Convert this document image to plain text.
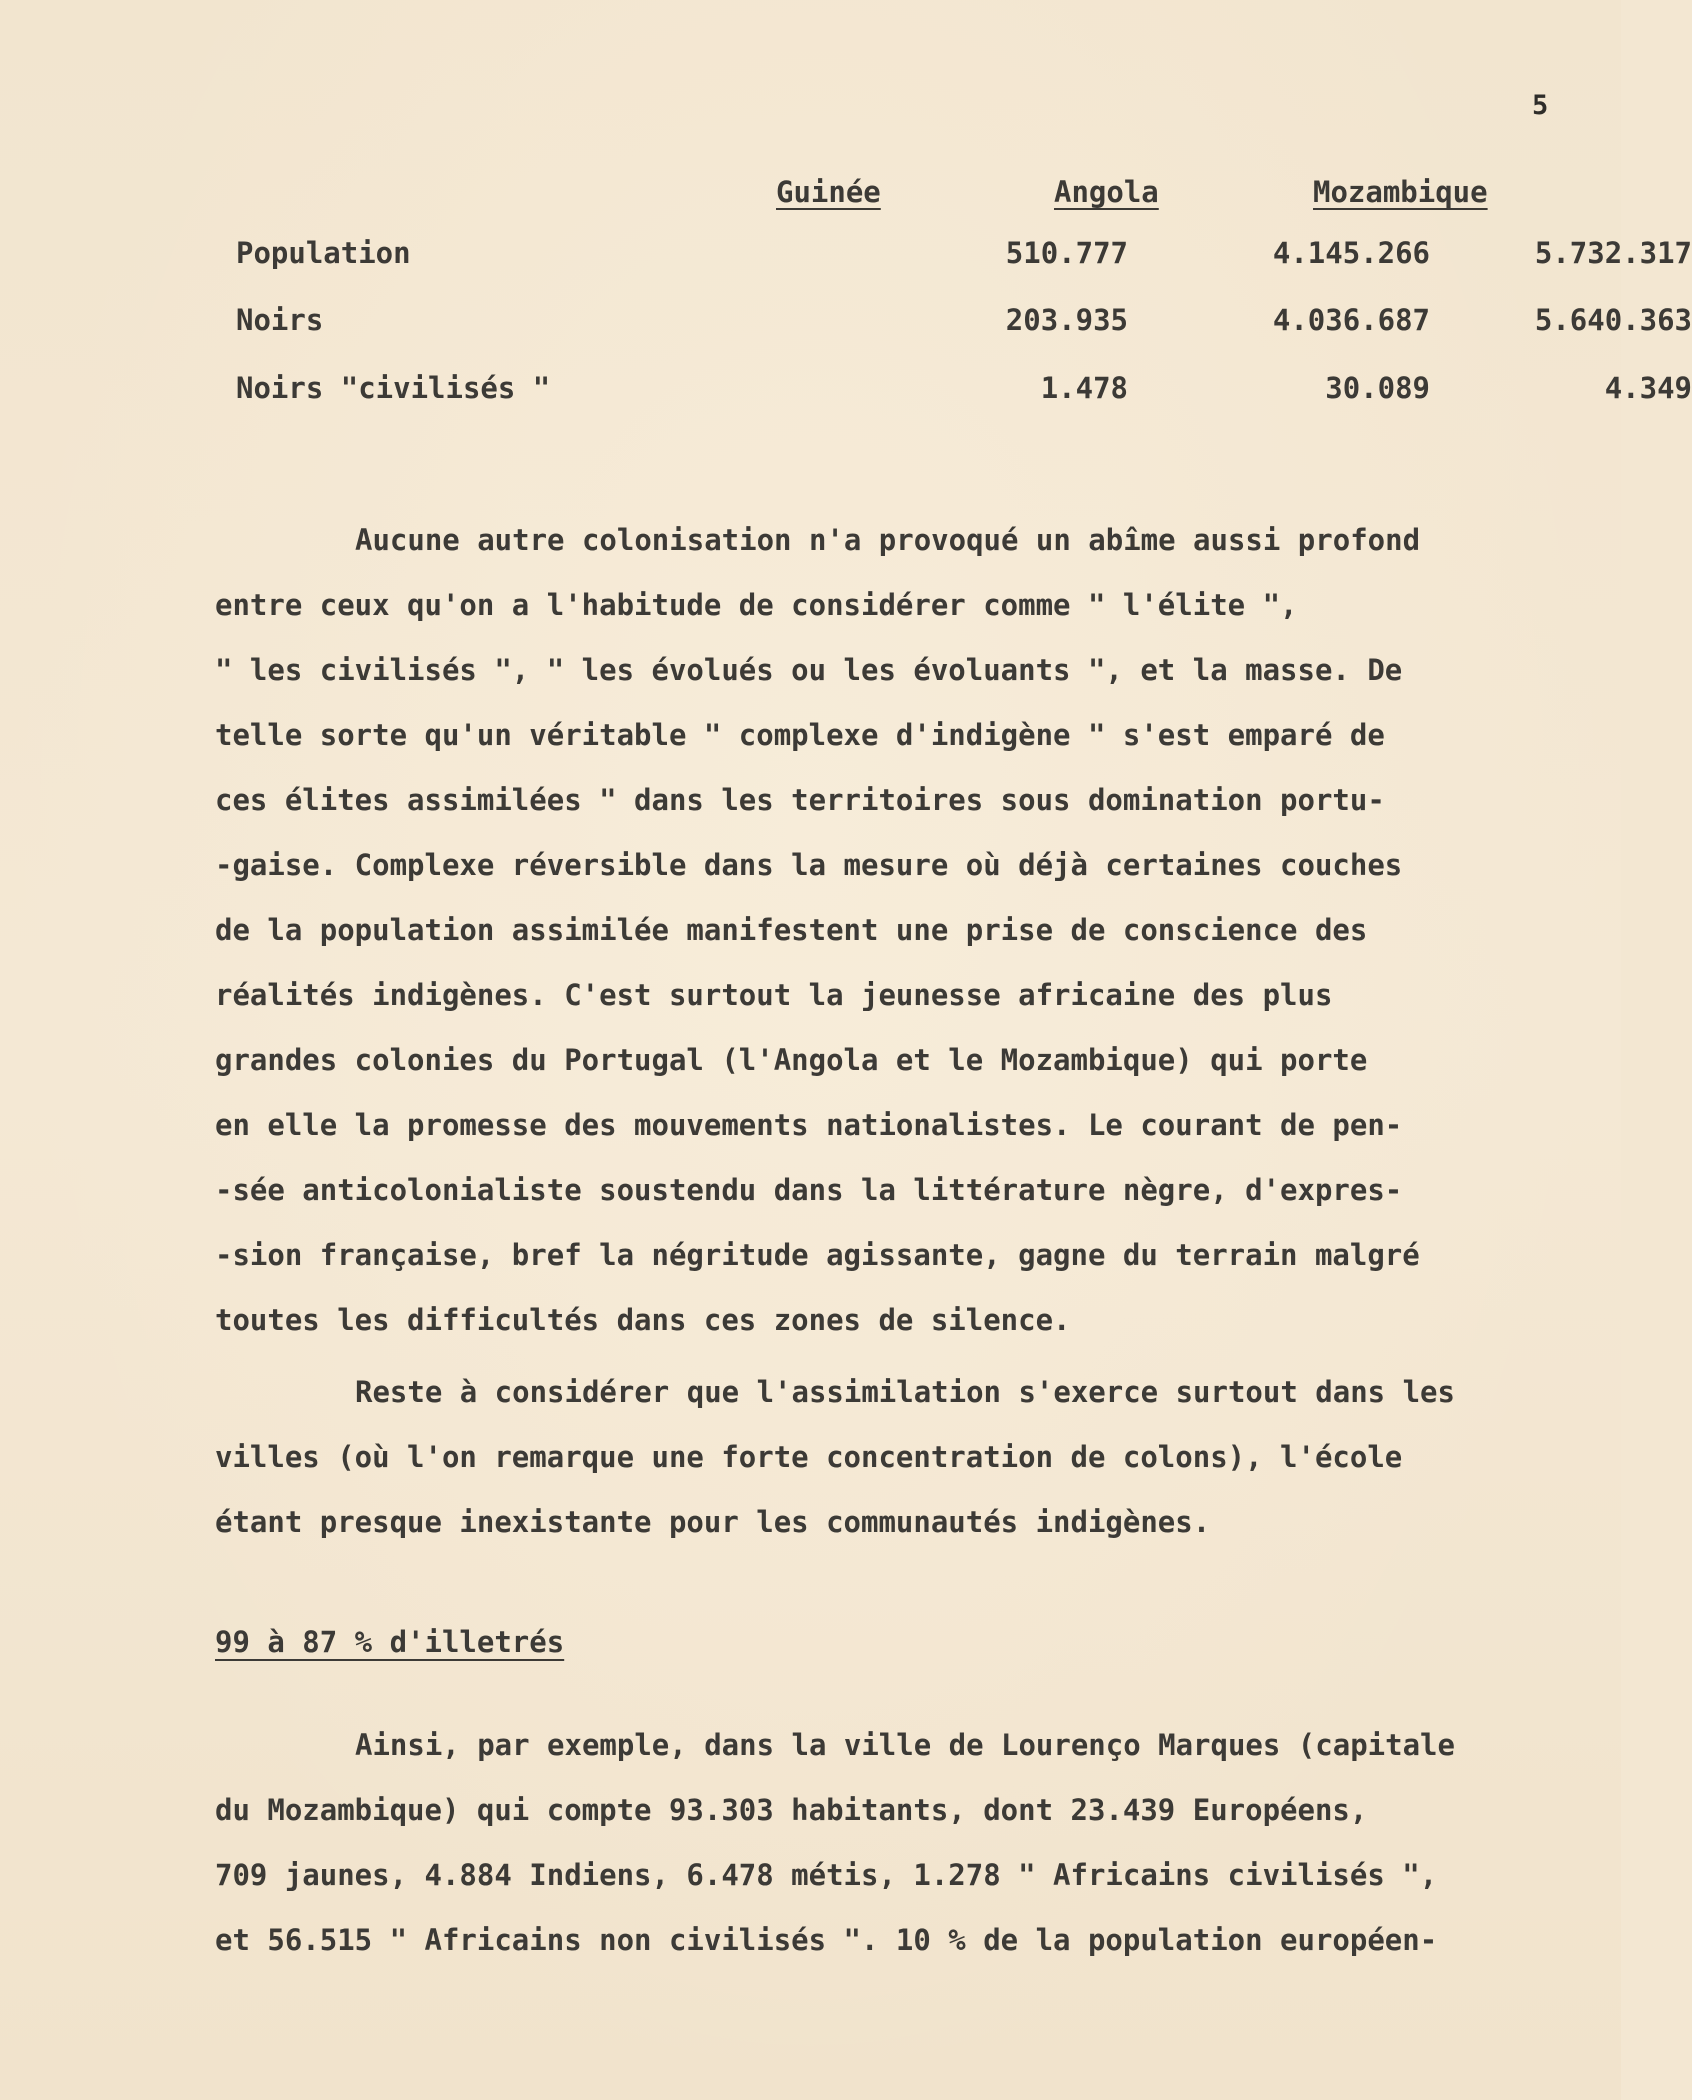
5
Guinée	Angola	Mozambique
Population	510.777	4.145.266	5.732.317
Noirs	203.935	4.036.687	5.640.363
Noirs "civilisés "	1.478	30.089	4.349
Aucune autre colonisation n'a provoqué un abîme aussi profond
entre ceux qu'on a l'habitude de considérer comme " l'élite ",
" les civilisés ", " les évolués ou les évoluants ", et la masse. De
telle sorte qu'un véritable " complexe d'indigène " s'est emparé de
ces élites assimilées " dans les territoires sous domination portu-
-gaise. Complexe réversible dans la mesure où déjà certaines couches
de la population assimilée manifestent une prise de conscience des
réalités indigènes. C'est surtout la jeunesse africaine des plus
grandes colonies du Portugal (l'Angola et le Mozambique) qui porte
en elle la promesse des mouvements nationalistes. Le courant de pen-
-sée anticolonialiste soustendu dans la littérature nègre, d'expres-
-sion française, bref la négritude agissante, gagne du terrain malgré
toutes les difficultés dans ces zones de silence.
Reste à considérer que l'assimilation s'exerce surtout dans les
villes (où l'on remarque une forte concentration de colons), l'école
étant presque inexistante pour les communautés indigènes.
99 à 87 % d'illetrés
Ainsi, par exemple, dans la ville de Lourenço Marques (capitale
du Mozambique) qui compte 93.303 habitants, dont 23.439 Européens,
709 jaunes, 4.884 Indiens, 6.478 métis, 1.278 " Africains civilisés ",
et 56.515 " Africains non civilisés ". 10 % de la population européen-
